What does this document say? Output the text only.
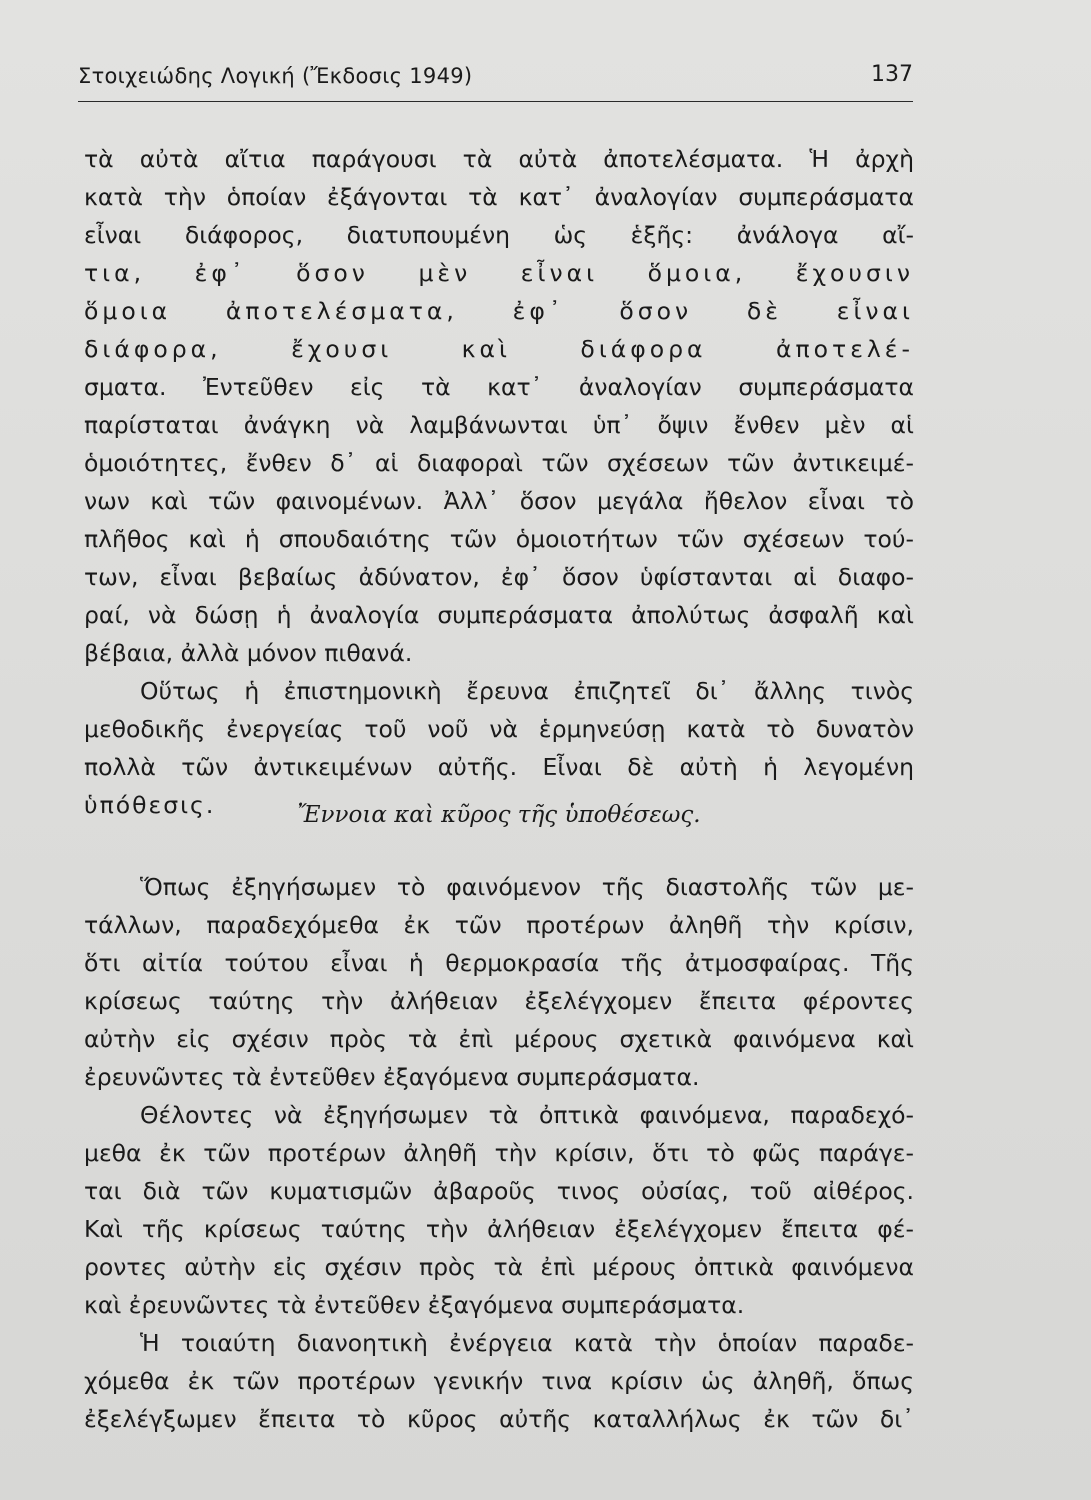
Στοιχειώδης Λογική (Ἔκδοσις 1949)	137
τὰ αὐτὰ αἴτια παράγουσι τὰ αὐτὰ ἀποτελέσματα. Ἡ ἀρχὴ
κατὰ τὴν ὁποίαν ἐξάγονται τὰ κατ᾽ ἀναλογίαν συμπεράσματα
εἶναι διάφορος, διατυπουμένη ὡς ἑξῆς: ἀνάλογα αἴ-
τια, ἐφ᾽ ὅσον μὲν εἶναι ὅμοια, ἔχουσιν
ὅμοια ἀποτελέσματα, ἐφ᾽ ὅσον δὲ εἶναι
διάφορα, ἔχουσι καὶ διάφορα ἀποτελέ-
σματα. Ἐντεῦθεν εἰς τὰ κατ᾽ ἀναλογίαν συμπεράσματα
παρίσταται ἀνάγκη νὰ λαμβάνωνται ὑπ᾽ ὄψιν ἔνθεν μὲν αἱ
ὁμοιότητες, ἔνθεν δ᾽ αἱ διαφοραὶ τῶν σχέσεων τῶν ἀντικειμέ-
νων καὶ τῶν φαινομένων. Ἀλλ᾽ ὅσον μεγάλα ἤθελον εἶναι τὸ
πλῆθος καὶ ἡ σπουδαιότης τῶν ὁμοιοτήτων τῶν σχέσεων τού-
των, εἶναι βεβαίως ἀδύνατον, ἐφ᾽ ὅσον ὑφίστανται αἱ διαφο-
ραί, νὰ δώσῃ ἡ ἀναλογία συμπεράσματα ἀπολύτως ἀσφαλῆ καὶ
βέβαια, ἀλλὰ μόνον πιθανά.
Οὕτως ἡ ἐπιστημονικὴ ἔρευνα ἐπιζητεῖ δι᾽ ἄλλης τινὸς
μεθοδικῆς ἐνεργείας τοῦ νοῦ νὰ ἑρμηνεύσῃ κατὰ τὸ δυνατὸν
πολλὰ τῶν ἀντικειμένων αὐτῆς. Εἶναι δὲ αὐτὴ ἡ λεγομένη
ὑπόθεσις.	Ἔννοια καὶ κῦρος τῆς ὑποθέσεως.
Ὅπως ἐξηγήσωμεν τὸ φαινόμενον τῆς διαστολῆς τῶν με-
τάλλων, παραδεχόμεθα ἐκ τῶν προτέρων ἀληθῆ τὴν κρίσιν,
ὅτι αἰτία τούτου εἶναι ἡ θερμοκρασία τῆς ἀτμοσφαίρας. Τῆς
κρίσεως ταύτης τὴν ἀλήθειαν ἐξελέγχομεν ἔπειτα φέροντες
αὐτὴν εἰς σχέσιν πρὸς τὰ ἐπὶ μέρους σχετικὰ φαινόμενα καὶ
ἐρευνῶντες τὰ ἐντεῦθεν ἐξαγόμενα συμπεράσματα.
Θέλοντες νὰ ἐξηγήσωμεν τὰ ὀπτικὰ φαινόμενα, παραδεχό-
μεθα ἐκ τῶν προτέρων ἀληθῆ τὴν κρίσιν, ὅτι τὸ φῶς παράγε-
ται διὰ τῶν κυματισμῶν ἀβαροῦς τινος οὐσίας, τοῦ αἰθέρος.
Καὶ τῆς κρίσεως ταύτης τὴν ἀλήθειαν ἐξελέγχομεν ἔπειτα φέ-
ροντες αὐτὴν εἰς σχέσιν πρὸς τὰ ἐπὶ μέρους ὀπτικὰ φαινόμενα
καὶ ἐρευνῶντες τὰ ἐντεῦθεν ἐξαγόμενα συμπεράσματα.
Ἡ τοιαύτη διανοητικὴ ἐνέργεια κατὰ τὴν ὁποίαν παραδε-
χόμεθα ἐκ τῶν προτέρων γενικήν τινα κρίσιν ὡς ἀληθῆ, ὅπως
ἐξελέγξωμεν ἔπειτα τὸ κῦρος αὐτῆς καταλλήλως ἐκ τῶν δι᾽
